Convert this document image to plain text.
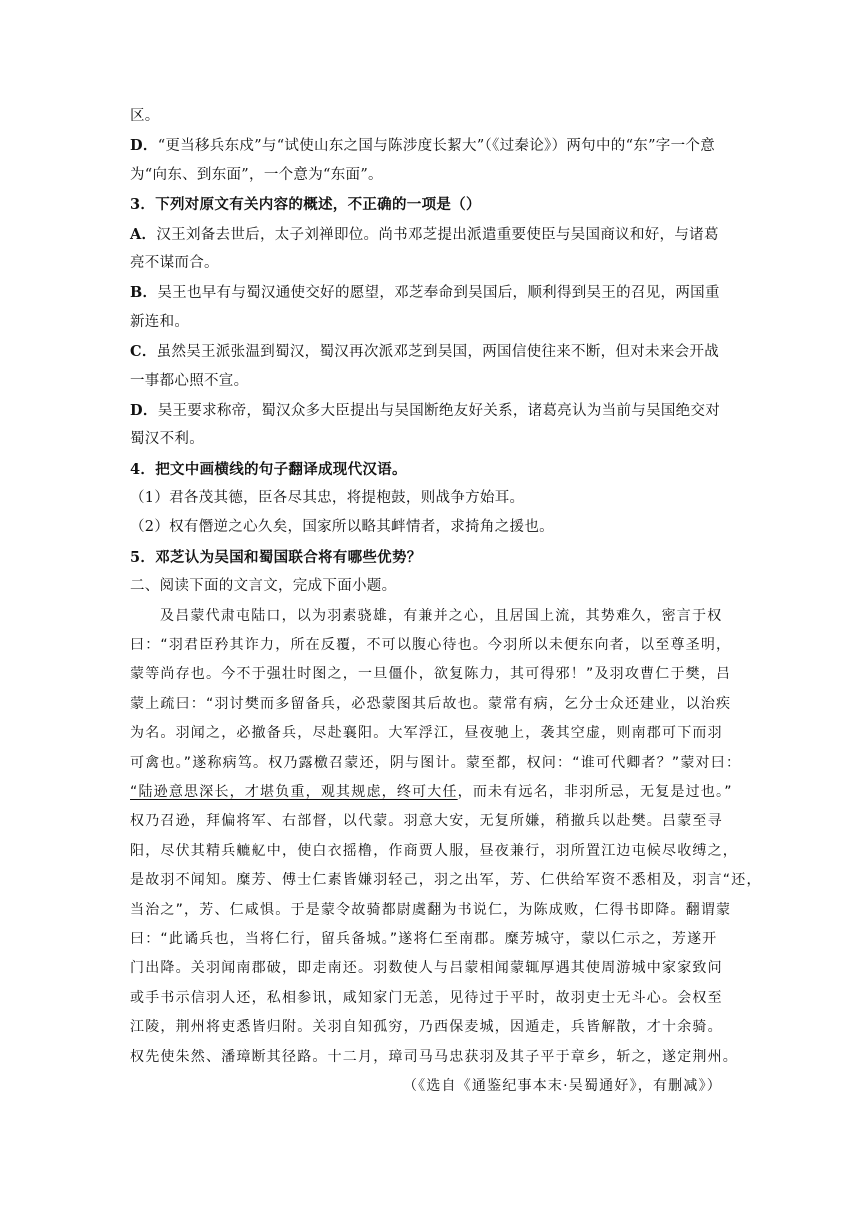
区。
D．“更当移兵东戍”与“试使山东之国与陈涉度长絜大”（《过秦论》）两句中的“东”字一个意
为“向东、到东面”，一个意为“东面”。
3．下列对原文有关内容的概述，不正确的一项是（）
A．汉王刘备去世后，太子刘禅即位。尚书邓芝提出派遣重要使臣与吴国商议和好，与诸葛
亮不谋而合。
B．吴王也早有与蜀汉通使交好的愿望，邓芝奉命到吴国后，顺利得到吴王的召见，两国重
新连和。
C．虽然吴王派张温到蜀汉，蜀汉再次派邓芝到吴国，两国信使往来不断，但对未来会开战
一事都心照不宣。
D．吴王要求称帝，蜀汉众多大臣提出与吴国断绝友好关系，诸葛亮认为当前与吴国绝交对
蜀汉不利。
4．把文中画横线的句子翻译成现代汉语。
（1）君各茂其德，臣各尽其忠，将提枹鼓，则战争方始耳。
（2）权有僭逆之心久矣，国家所以略其衅情者，求掎角之援也。
5．邓芝认为吴国和蜀国联合将有哪些优势？
二、阅读下面的文言文，完成下面小题。
及吕蒙代肃屯陆口，以为羽素骁雄，有兼并之心，且居国上流，其势难久，密言于权
曰：“羽君臣矜其诈力，所在反覆，不可以腹心待也。今羽所以未便东向者，以至尊圣明，
蒙等尚存也。今不于强壮时图之，一旦僵仆，欲复陈力，其可得邪！”及羽攻曹仁于樊，吕
蒙上疏曰：“羽讨樊而多留备兵，必恐蒙图其后故也。蒙常有病，乞分士众还建业，以治疾
为名。羽闻之，必撤备兵，尽赴襄阳。大军浮江，昼夜驰上，袭其空虚，则南郡可下而羽
可禽也。”遂称病笃。权乃露檄召蒙还，阴与图计。蒙至都，权问：“谁可代卿者？”蒙对曰：
“陆逊意思深长，才堪负重，观其规虑，终可大任，而未有远名，非羽所忌，无复是过也。”
权乃召逊，拜偏将军、右部督，以代蒙。羽意大安，无复所嫌，稍撤兵以赴樊。吕蒙至寻
阳，尽伏其精兵𦪇𦨇中，使白衣摇橹，作商贾人服，昼夜兼行，羽所置江边屯候尽收缚之，
是故羽不闻知。糜芳、傅士仁素皆嫌羽轻己，羽之出军，芳、仁供给军资不悉相及，羽言“还，
当治之”，芳、仁咸惧。于是蒙令故骑都尉虞翻为书说仁，为陈成败，仁得书即降。翻谓蒙
曰：“此谲兵也，当将仁行，留兵备城。”遂将仁至南郡。糜芳城守，蒙以仁示之，芳遂开
门出降。关羽闻南郡破，即走南还。羽数使人与吕蒙相闻蒙辄厚遇其使周游城中家家致问
或手书示信羽人还，私相参讯，咸知家门无恙，见待过于平时，故羽吏士无斗心。会权至
江陵，荆州将吏悉皆归附。关羽自知孤穷，乃西保麦城，因遁走，兵皆解散，才十余骑。
权先使朱然、潘璋断其径路。十二月，璋司马马忠获羽及其子平于章乡，斩之，遂定荆州。
（《选自《通鉴纪事本末·吴蜀通好》，有删减》）
